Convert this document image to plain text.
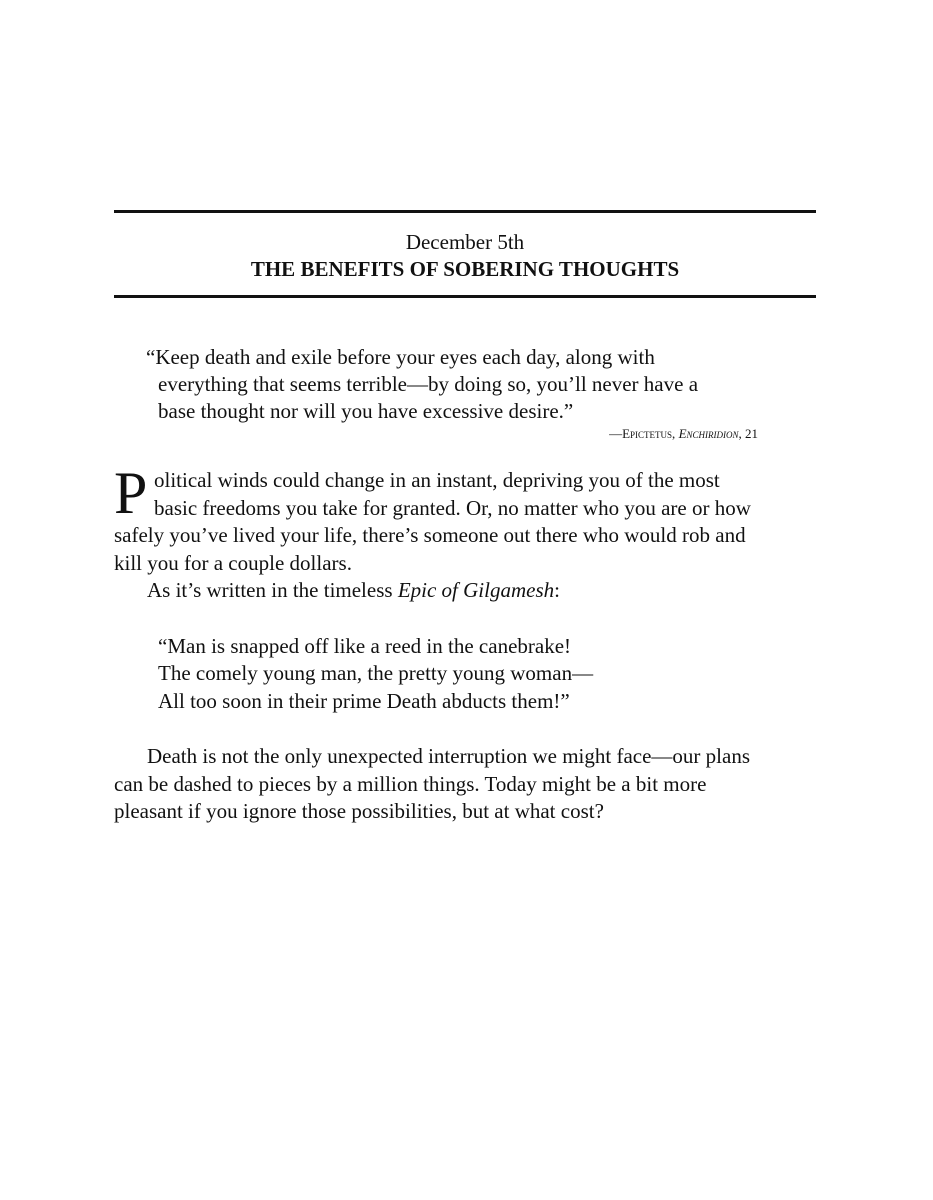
December 5th
THE BENEFITS OF SOBERING THOUGHTS
“Keep death and exile before your eyes each day, along with
everything that seems terrible—by doing so, you’ll never have a
base thought nor will you have excessive desire.”
—Epictetus, Enchiridion, 21
P olitical winds could change in an instant, depriving you of the most
basic freedoms you take for granted. Or, no matter who you are or how
safely you’ve lived your life, there’s someone out there who would rob and
kill you for a couple dollars.
As it’s written in the timeless Epic of Gilgamesh:
“Man is snapped off like a reed in the canebrake!
The comely young man, the pretty young woman—
All too soon in their prime Death abducts them!”
Death is not the only unexpected interruption we might face—our plans
can be dashed to pieces by a million things. Today might be a bit more
pleasant if you ignore those possibilities, but at what cost?
